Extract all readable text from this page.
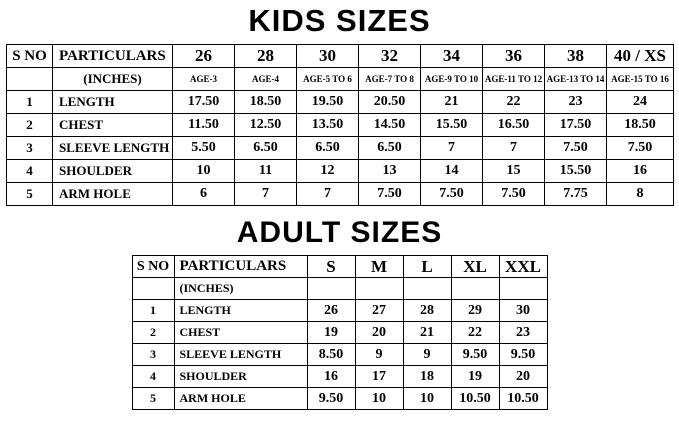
KIDS SIZES
S NO	PARTICULARS	26	28	30	32	34	36	38	40 / XS
	(INCHES)	AGE-3	AGE-4	AGE-5 TO 6	AGE-7 TO 8	AGE-9 TO 10	AGE-11 TO 12	AGE-13 TO 14	AGE-15 TO 16
1	LENGTH	17.50	18.50	19.50	20.50	21	22	23	24
2	CHEST	11.50	12.50	13.50	14.50	15.50	16.50	17.50	18.50
3	SLEEVE LENGTH	5.50	6.50	6.50	6.50	7	7	7.50	7.50
4	SHOULDER	10	11	12	13	14	15	15.50	16
5	ARM HOLE	6	7	7	7.50	7.50	7.50	7.75	8
ADULT SIZES
S NO	PARTICULARS	S	M	L	XL	XXL
	(INCHES)					
1	LENGTH	26	27	28	29	30
2	CHEST	19	20	21	22	23
3	SLEEVE LENGTH	8.50	9	9	9.50	9.50
4	SHOULDER	16	17	18	19	20
5	ARM HOLE	9.50	10	10	10.50	10.50
